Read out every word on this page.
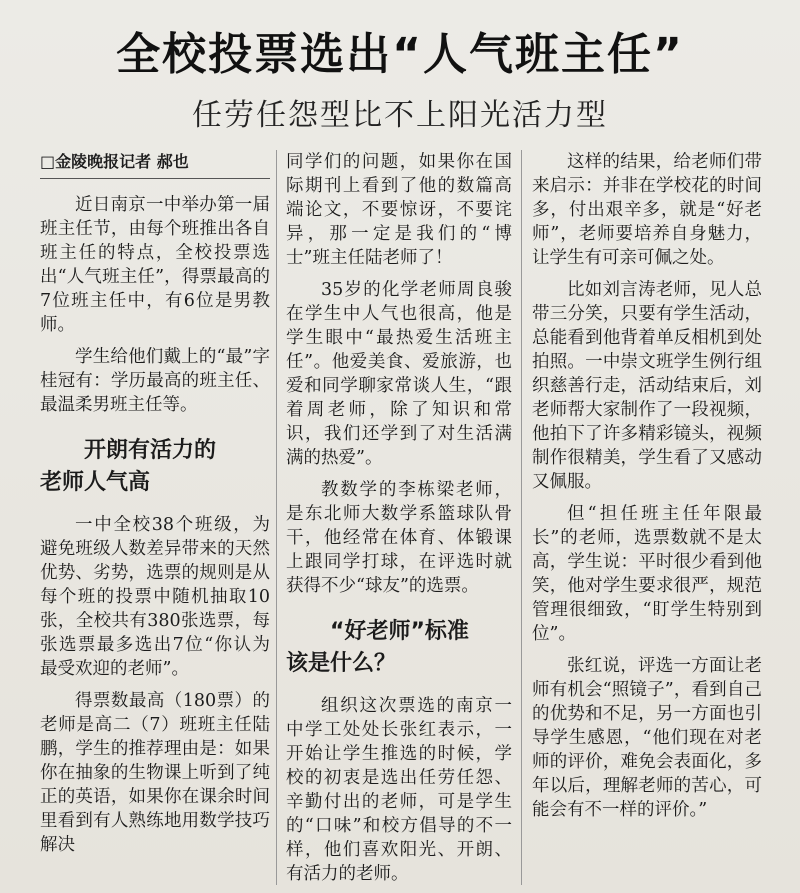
全校投票选出“人气班主任”
任劳任怨型比不上阳光活力型
□金陵晚报记者 郝也

近日南京一中举办第一届班主任节，由每个班推出各自班主任的特点，全校投票选出“人气班主任”，得票最高的7位班主任中，有6位是男教师。

学生给他们戴上的“最”字桂冠有：学历最高的班主任、最温柔男班主任等。

开朗有活力的
老师人气高

一中全校38个班级，为避免班级人数差异带来的天然优势、劣势，选票的规则是从每个班的投票中随机抽取10张，全校共有380张选票，每张选票最多选出7位“你认为最受欢迎的老师”。

得票数最高（180票）的老师是高二（7）班班主任陆鹏，学生的推荐理由是：如果你在抽象的生物课上听到了纯正的英语，如果你在课余时间里看到有人熟练地用数学技巧解决

同学们的问题，如果你在国际期刊上看到了他的数篇高端论文，不要惊讶，不要诧异，那一定是我们的“博士”班主任陆老师了！

35岁的化学老师周良骏在学生中人气也很高，他是学生眼中“最热爱生活班主任”。他爱美食、爱旅游，也爱和同学聊家常谈人生，“跟着周老师，除了知识和常识，我们还学到了对生活满满的热爱”。

教数学的李栋梁老师，是东北师大数学系篮球队骨干，他经常在体育、体锻课上跟同学打球，在评选时就获得不少“球友”的选票。

“好老师”标准
该是什么？

组织这次票选的南京一中学工处处长张红表示，一开始让学生推选的时候，学校的初衷是选出任劳任怨、辛勤付出的老师，可是学生的“口味”和校方倡导的不一样，他们喜欢阳光、开朗、有活力的老师。

这样的结果，给老师们带来启示：并非在学校花的时间多，付出艰辛多，就是“好老师”，老师要培养自身魅力，让学生有可亲可佩之处。

比如刘言涛老师，见人总带三分笑，只要有学生活动，总能看到他背着单反相机到处拍照。一中崇文班学生例行组织慈善行走，活动结束后，刘老师帮大家制作了一段视频，他拍下了许多精彩镜头，视频制作很精美，学生看了又感动又佩服。

但“担任班主任年限最长”的老师，选票数就不是太高，学生说：平时很少看到他笑，他对学生要求很严，规范管理很细致，“盯学生特别到位”。

张红说，评选一方面让老师有机会“照镜子”，看到自己的优势和不足，另一方面也引导学生感恩，“他们现在对老师的评价，难免会表面化，多年以后，理解老师的苦心，可能会有不一样的评价。”
